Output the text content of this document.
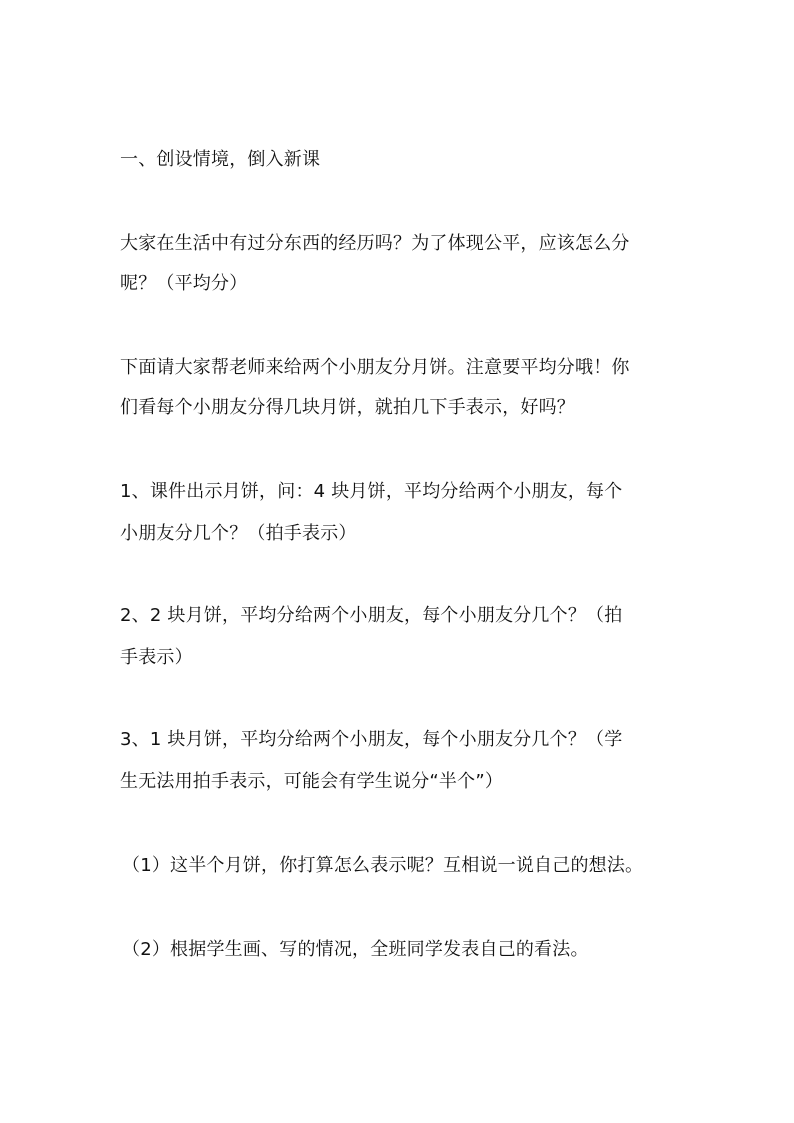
一、创设情境，倒入新课
大家在生活中有过分东西的经历吗？为了体现公平，应该怎么分
呢？（平均分）
下面请大家帮老师来给两个小朋友分月饼。注意要平均分哦！你
们看每个小朋友分得几块月饼，就拍几下手表示，好吗？
1、课件出示月饼，问：4 块月饼，平均分给两个小朋友，每个
小朋友分几个？（拍手表示）
2、2 块月饼，平均分给两个小朋友，每个小朋友分几个？（拍
手表示）
3、1 块月饼，平均分给两个小朋友，每个小朋友分几个？（学
生无法用拍手表示，可能会有学生说分“半个”）
（1）这半个月饼，你打算怎么表示呢？互相说一说自己的想法。
（2）根据学生画、写的情况，全班同学发表自己的看法。
